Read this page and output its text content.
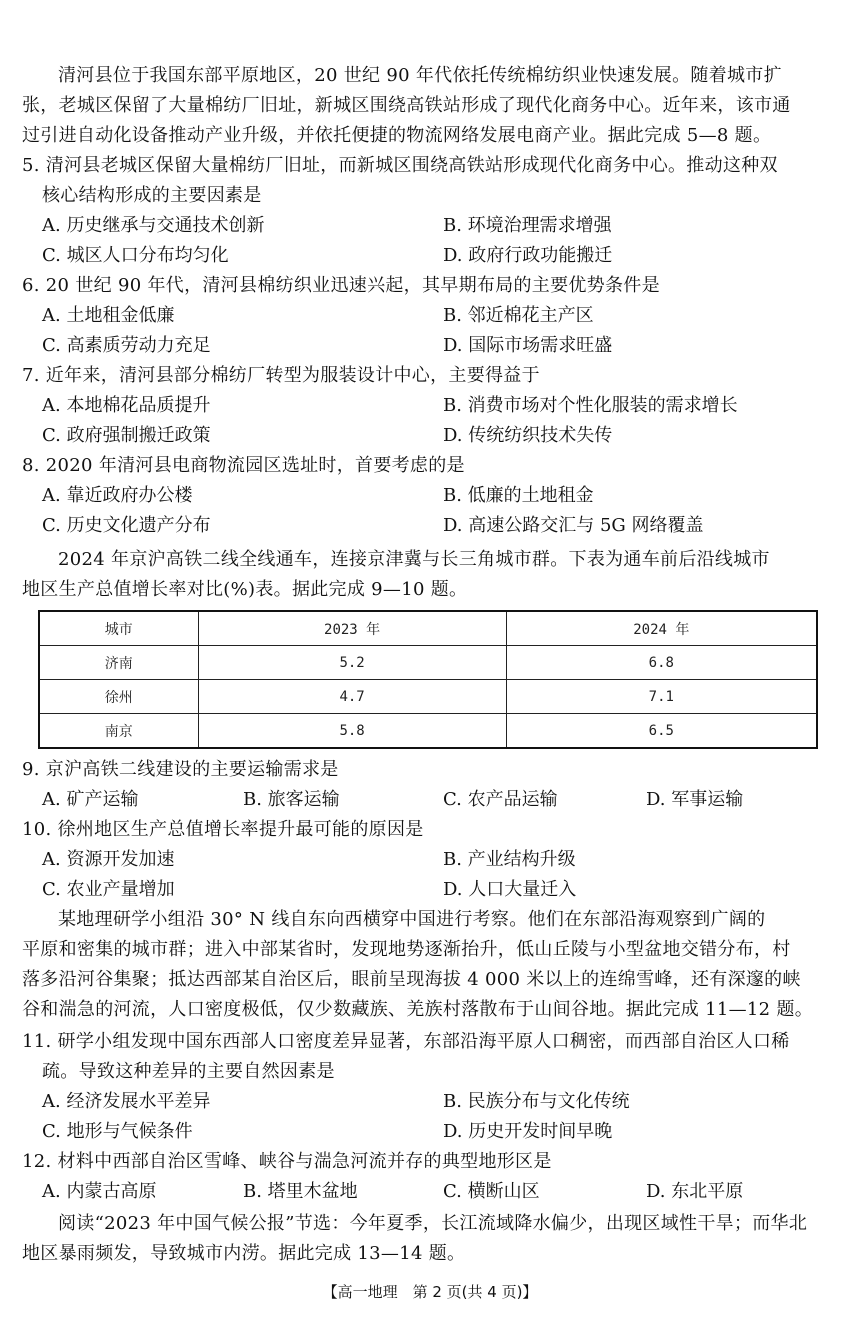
清河县位于我国东部平原地区，20 世纪 90 年代依托传统棉纺织业快速发展。随着城市扩
张，老城区保留了大量棉纺厂旧址，新城区围绕高铁站形成了现代化商务中心。近年来，该市通
过引进自动化设备推动产业升级，并依托便捷的物流网络发展电商产业。据此完成 5—8 题。
5. 清河县老城区保留大量棉纺厂旧址，而新城区围绕高铁站形成现代化商务中心。推动这种双
核心结构形成的主要因素是
A. 历史继承与交通技术创新	B. 环境治理需求增强
C. 城区人口分布均匀化	D. 政府行政功能搬迁
6. 20 世纪 90 年代，清河县棉纺织业迅速兴起，其早期布局的主要优势条件是
A. 土地租金低廉	B. 邻近棉花主产区
C. 高素质劳动力充足	D. 国际市场需求旺盛
7. 近年来，清河县部分棉纺厂转型为服装设计中心，主要得益于
A. 本地棉花品质提升	B. 消费市场对个性化服装的需求增长
C. 政府强制搬迁政策	D. 传统纺织技术失传
8. 2020 年清河县电商物流园区选址时，首要考虑的是
A. 靠近政府办公楼	B. 低廉的土地租金
C. 历史文化遗产分布	D. 高速公路交汇与 5G 网络覆盖
2024 年京沪高铁二线全线通车，连接京津冀与长三角城市群。下表为通车前后沿线城市
地区生产总值增长率对比(%)表。据此完成 9—10 题。
城市	2023 年	2024 年
济南	5.2	6.8
徐州	4.7	7.1
南京	5.8	6.5
9. 京沪高铁二线建设的主要运输需求是
A. 矿产运输	B. 旅客运输	C. 农产品运输	D. 军事运输
10. 徐州地区生产总值增长率提升最可能的原因是
A. 资源开发加速	B. 产业结构升级
C. 农业产量增加	D. 人口大量迁入
某地理研学小组沿 30° N 线自东向西横穿中国进行考察。他们在东部沿海观察到广阔的
平原和密集的城市群；进入中部某省时，发现地势逐渐抬升，低山丘陵与小型盆地交错分布，村
落多沿河谷集聚；抵达西部某自治区后，眼前呈现海拔 4 000 米以上的连绵雪峰，还有深邃的峡
谷和湍急的河流，人口密度极低，仅少数藏族、羌族村落散布于山间谷地。据此完成 11—12 题。
11. 研学小组发现中国东西部人口密度差异显著，东部沿海平原人口稠密，而西部自治区人口稀
疏。导致这种差异的主要自然因素是
A. 经济发展水平差异	B. 民族分布与文化传统
C. 地形与气候条件	D. 历史开发时间早晚
12. 材料中西部自治区雪峰、峡谷与湍急河流并存的典型地形区是
A. 内蒙古高原	B. 塔里木盆地	C. 横断山区	D. 东北平原
阅读“2023 年中国气候公报”节选：今年夏季，长江流域降水偏少，出现区域性干旱；而华北
地区暴雨频发，导致城市内涝。据此完成 13—14 题。
【高一地理　第 2 页(共 4 页)】
